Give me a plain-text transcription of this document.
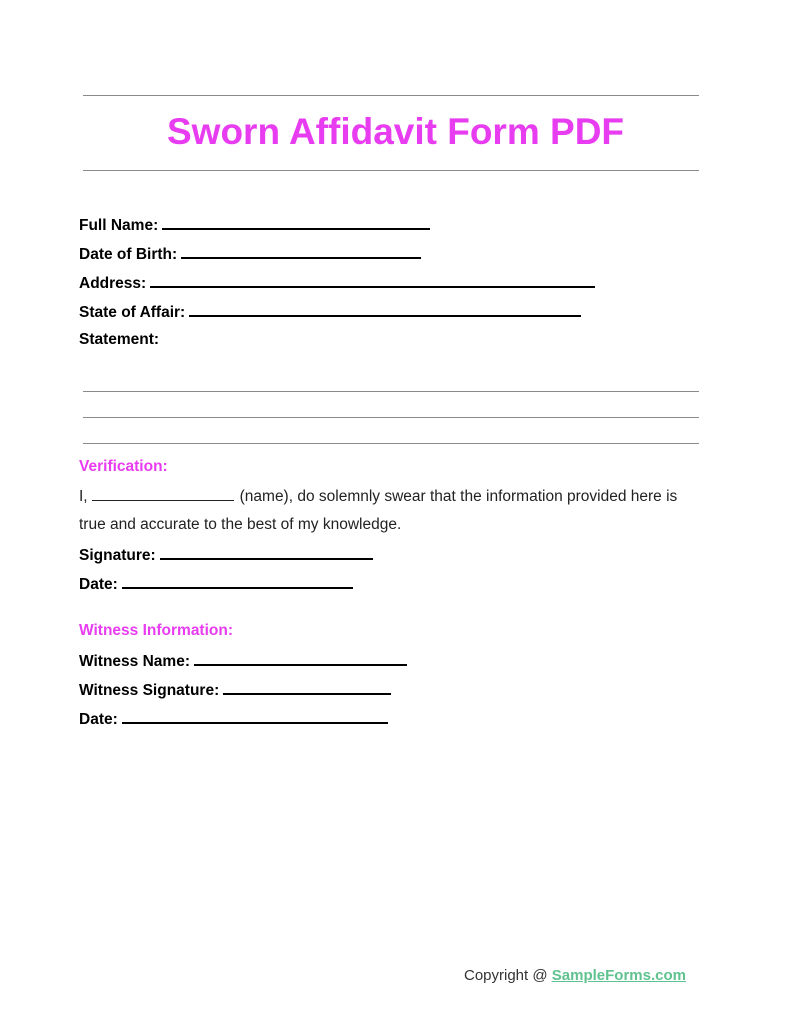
Sworn Affidavit Form PDF
Full Name:
Date of Birth:
Address:
State of Affair:
Statement:
Verification:
I,	(name), do solemnly swear that the information provided here is
true and accurate to the best of my knowledge.
Signature:
Date:
Witness Information:
Witness Name:
Witness Signature:
Date:
Copyright @ SampleForms.com
